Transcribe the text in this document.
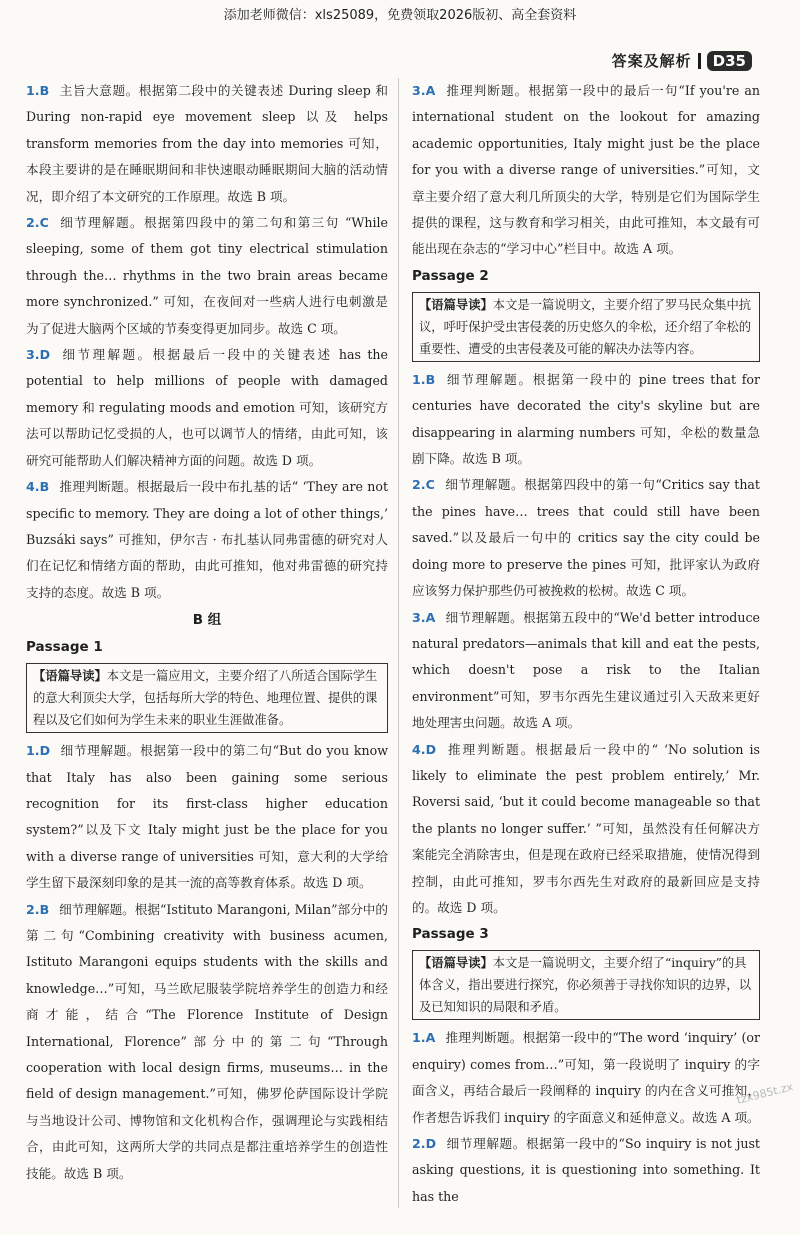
添加老师微信：xls25089，免费领取2026版初、高全套资料
答案及解析	D35
1.B 主旨大意题。根据第二段中的关键表述 During sleep 和 During non-rapid eye movement sleep 以及 helps transform memories from the day into memories 可知，本段主要讲的是在睡眠期间和非快速眼动睡眠期间大脑的活动情况，即介绍了本文研究的工作原理。故选 B 项。
2.C 细节理解题。根据第四段中的第二句和第三句 “While sleeping, some of them got tiny electrical stimulation through the… rhythms in the two brain areas became more synchronized.” 可知，在夜间对一些病人进行电刺激是为了促进大脑两个区域的节奏变得更加同步。故选 C 项。
3.D 细节理解题。根据最后一段中的关键表述 has the potential to help millions of people with damaged memory 和 regulating moods and emotion 可知，该研究方法可以帮助记忆受损的人，也可以调节人的情绪，由此可知，该研究可能帮助人们解决精神方面的问题。故选 D 项。
4.B 推理判断题。根据最后一段中布扎基的话“ ‘They are not specific to memory. They are doing a lot of other things,’ Buzsáki says” 可推知，伊尔吉 · 布扎基认同弗雷德的研究对人们在记忆和情绪方面的帮助，由此可推知，他对弗雷德的研究持支持的态度。故选 B 项。
B 组
Passage 1
【语篇导读】本文是一篇应用文，主要介绍了八所适合国际学生的意大利顶尖大学，包括每所大学的特色、地理位置、提供的课程以及它们如何为学生未来的职业生涯做准备。
1.D 细节理解题。根据第一段中的第二句“But do you know that Italy has also been gaining some serious recognition for its first-class higher education system?”以及下文 Italy might just be the place for you with a diverse range of universities 可知，意大利的大学给学生留下最深刻印象的是其一流的高等教育体系。故选 D 项。
2.B 细节理解题。根据“Istituto Marangoni, Milan”部分中的第二句“Combining creativity with business acumen, Istituto Marangoni equips students with the skills and knowledge…”可知，马兰欧尼服装学院培养学生的创造力和经商才能，结合“The Florence Institute of Design International, Florence”部分中的第二句“Through cooperation with local design firms, museums… in the field of design management.”可知，佛罗伦萨国际设计学院与当地设计公司、博物馆和文化机构合作，强调理论与实践相结合，由此可知，这两所大学的共同点是都注重培养学生的创造性技能。故选 B 项。
3.A 推理判断题。根据第一段中的最后一句“If you're an international student on the lookout for amazing academic opportunities, Italy might just be the place for you with a diverse range of universities.”可知，文章主要介绍了意大利几所顶尖的大学，特别是它们为国际学生提供的课程，这与教育和学习相关，由此可推知，本文最有可能出现在杂志的“学习中心”栏目中。故选 A 项。
Passage 2
【语篇导读】本文是一篇说明文，主要介绍了罗马民众集中抗议，呼吁保护受虫害侵袭的历史悠久的伞松，还介绍了伞松的重要性、遭受的虫害侵袭及可能的解决办法等内容。
1.B 细节理解题。根据第一段中的 pine trees that for centuries have decorated the city's skyline but are disappearing in alarming numbers 可知，伞松的数量急剧下降。故选 B 项。
2.C 细节理解题。根据第四段中的第一句“Critics say that the pines have… trees that could still have been saved.”以及最后一句中的 critics say the city could be doing more to preserve the pines 可知，批评家认为政府应该努力保护那些仍可被挽救的松树。故选 C 项。
3.A 细节理解题。根据第五段中的“We'd better introduce natural predators—animals that kill and eat the pests, which doesn't pose a risk to the Italian environment”可知，罗韦尔西先生建议通过引入天敌来更好地处理害虫问题。故选 A 项。
4.D 推理判断题。根据最后一段中的“ ‘No solution is likely to eliminate the pest problem entirely,’ Mr. Roversi said, ‘but it could become manageable so that the plants no longer suffer.’ ”可知，虽然没有任何解决方案能完全消除害虫，但是现在政府已经采取措施，使情况得到控制，由此可推知，罗韦尔西先生对政府的最新回应是支持的。故选 D 项。
Passage 3
【语篇导读】本文是一篇说明文，主要介绍了“inquiry”的具体含义，指出要进行探究，你必须善于寻找你知识的边界，以及已知知识的局限和矛盾。
1.A 推理判断题。根据第一段中的“The word ‘inquiry’ (or enquiry) comes from…”可知，第一段说明了 inquiry 的字面含义，再结合最后一段阐释的 inquiry 的内在含义可推知，作者想告诉我们 inquiry 的字面意义和延伸意义。故选 A 项。
2.D 细节理解题。根据第一段中的“So inquiry is not just asking questions, it is questioning into something. It has the
tzx985t.zx
